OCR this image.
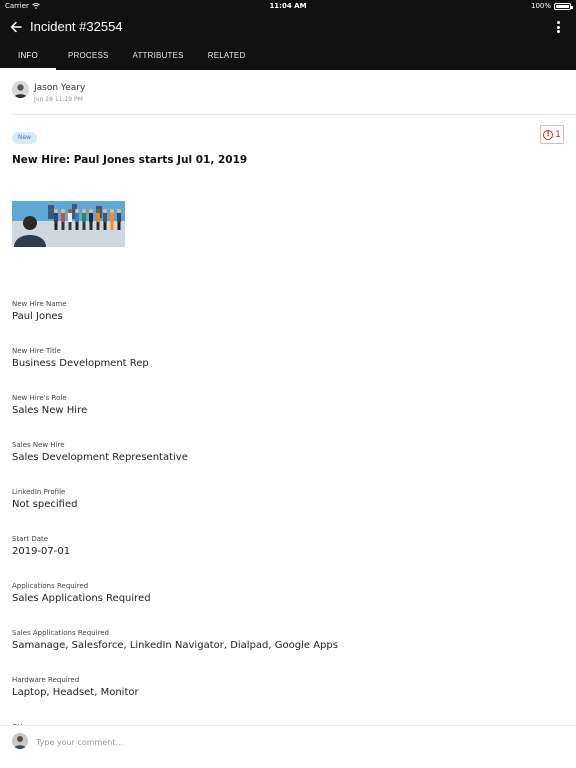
Carrier	11:04 AM	100%
Incident #32554
INFO	PROCESS	ATTRIBUTES	RELATED
Jason Yeary
Jun 28 11:19 PM
New	! 1
New Hire: Paul Jones starts Jul 01, 2019
New Hire Name
Paul Jones
New Hire Title
Business Development Rep
New Hire's Role
Sales New Hire
Sales New Hire
Sales Development Representative
LinkedIn Profile
Not specified
Start Date
2019-07-01
Applications Required
Sales Applications Required
Sales Applications Required
Samanage, Salesforce, LinkedIn Navigator, Dialpad, Google Apps
Hardware Required
Laptop, Headset, Monitor
Type your comment...
